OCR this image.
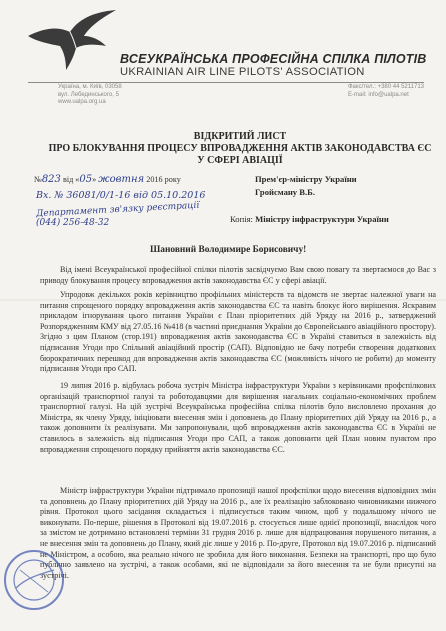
ВСЕУКРАЇНСЬКА ПРОФЕСІЙНА СПІЛКА ПІЛОТІВ
UKRAINIAN AIR LINE PILOTS' ASSOCIATION
Україна, м. Київ, 03058
вул. Лебединського, 5
www.ualpa.org.ua
Факс/тел.: +380 44 5211713
E-mail: info@ualpa.net
ВІДКРИТИЙ ЛИСТ
ПРО БЛОКУВАННЯ ПРОЦЕСУ ВПРОВАДЖЕННЯ АКТІВ ЗАКОНОДАВСТВА ЄС
У СФЕРІ АВІАЦІЇ
№823 від «05» жовтня 2016 року
Вх. № 36081/0/1-16 від 05.10.2016
Департамент зв'язку реєстрації
(044) 256-48-32
Прем'єр-міністру України
Гройсману В.Б.
Копія: Міністру інфраструктури України
Шановний Володимире Борисовичу!

Від імені Всеукраїнської професійної спілки пілотів засвідчуємо Вам свою повагу та звертаємося до Вас з приводу блокування процесу впровадження актів законодавства ЄС у сфері авіації.

Упродовж декількох років керівництво профільних міністерств та відомств не звертає належної уваги на питання спрощеного порядку впровадження актів законодавства ЄС та навіть блокує його вирішення. Яскравим прикладом ігнорування цього питання України є План пріоритетних дій Уряду на 2016 р., затверджений Розпорядженням КМУ від 27.05.16 №418 (в частині приєднання України до Європейського авіаційного простору). Згідно з цим Планом (стор.191) впровадження актів законодавства ЄС в Україні ставиться в залежність від підписання Угоди про Спільний авіаційний простір (САП). Відповідно не бачу потреби створення додаткових бюрократичних перешкод для впровадження актів законодавства ЄС (можливість нічого не робити) до моменту підписання Угоди про САП.

19 липня 2016 р. відбулась робоча зустріч Міністра інфраструктури України з керівниками профспілкових організацій транспортної галузі та роботодавцями для вирішення нагальних соціально-економічних проблем транспортної галузі. На цій зустрічі Всеукраїнська професійна спілка пілотів було висловлено прохання до Міністра, як члену Уряду, ініціювати внесення змін і доповнень до Плану пріоритетних дій Уряду на 2016 р., а також доповнити їх реалізувати. Ми запропонували, щоб впровадження актів законодавства ЄС в Україні не ставилось в залежність від підписання Угоди про САП, а також доповнити цей План новим пунктом про впровадження спрощеного порядку прийняття актів законодавства ЄС.

Міністр інфраструктури України підтримало пропозиції нашої профспілки щодо внесення відповідних змін та доповнень до Плану пріоритетних дій Уряду на 2016 р., але їх реалізацію заблоковано чиновниками нижчого рівня. Протокол цього засідання складається і підписується таким чином, щоб у подальшому нічого не виконувати. По-перше, рішення в Протоколі від 19.07.2016 р. стосується лише однієї пропозиції, внаслідок чого за змістом не дотримано встановлені терміни 31 грудня 2016 р. лише для відпрацювання порушеного питання, а не внесення змін та доповнень до Плану, який діє лише у 2016 р. По-друге, Протокол від 19.07.2016 р. підписаний не Міністром, а особою, яка реально нічого не зробила для його виконання. Безпеки на транспорті, про що було публічно заявлено на зустрічі, а також особами, які не відповідали за його внесення та не були присутні на зустрічі.
